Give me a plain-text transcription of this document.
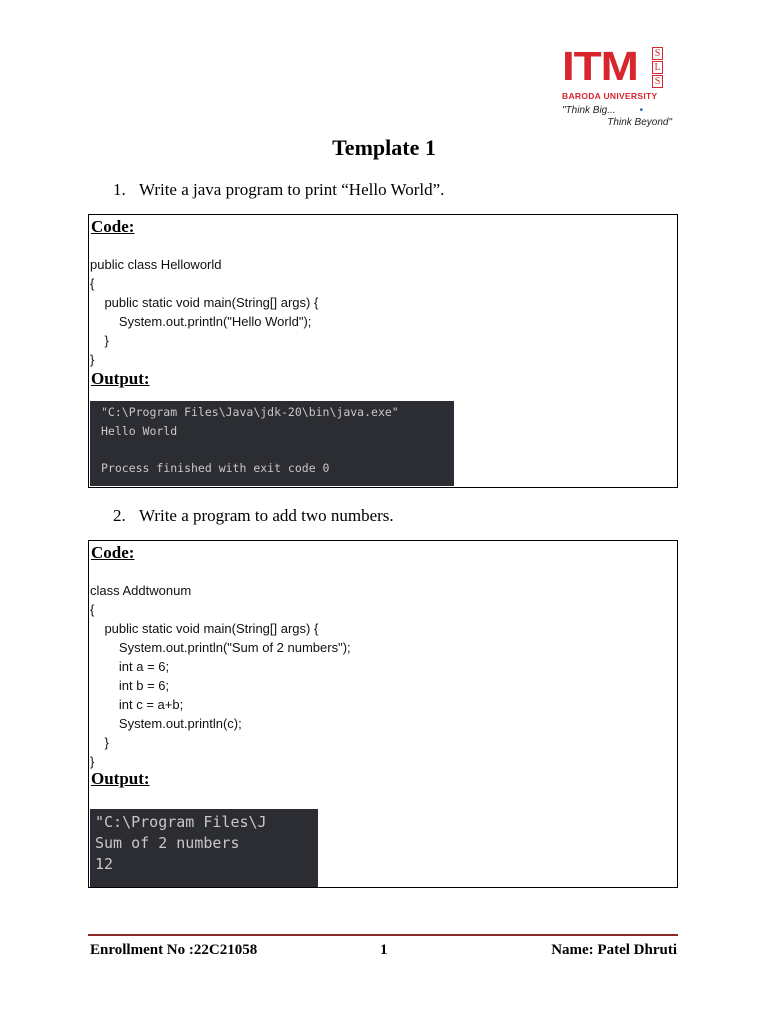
ITM	S
L
S
BARODA UNIVERSITY
"Think Big... •
Think Beyond"
Template 1
1. Write a java program to print “Hello World”.
Code:
public class Helloworld
{
public static void main(String[] args) {
System.out.println("Hello World");
}
}
Output:
"C:\Program Files\Java\jdk-20\bin\java.exe"
Hello World

Process finished with exit code 0
2. Write a program to add two numbers.
Code:
class Addtwonum
{
public static void main(String[] args) {
System.out.println("Sum of 2 numbers");
int a = 6;
int b = 6;
int c = a+b;
System.out.println(c);
}
}
Output:
"C:\Program Files\J
Sum of 2 numbers
12
Enrollment No :22C21058	1	Name: Patel Dhruti
